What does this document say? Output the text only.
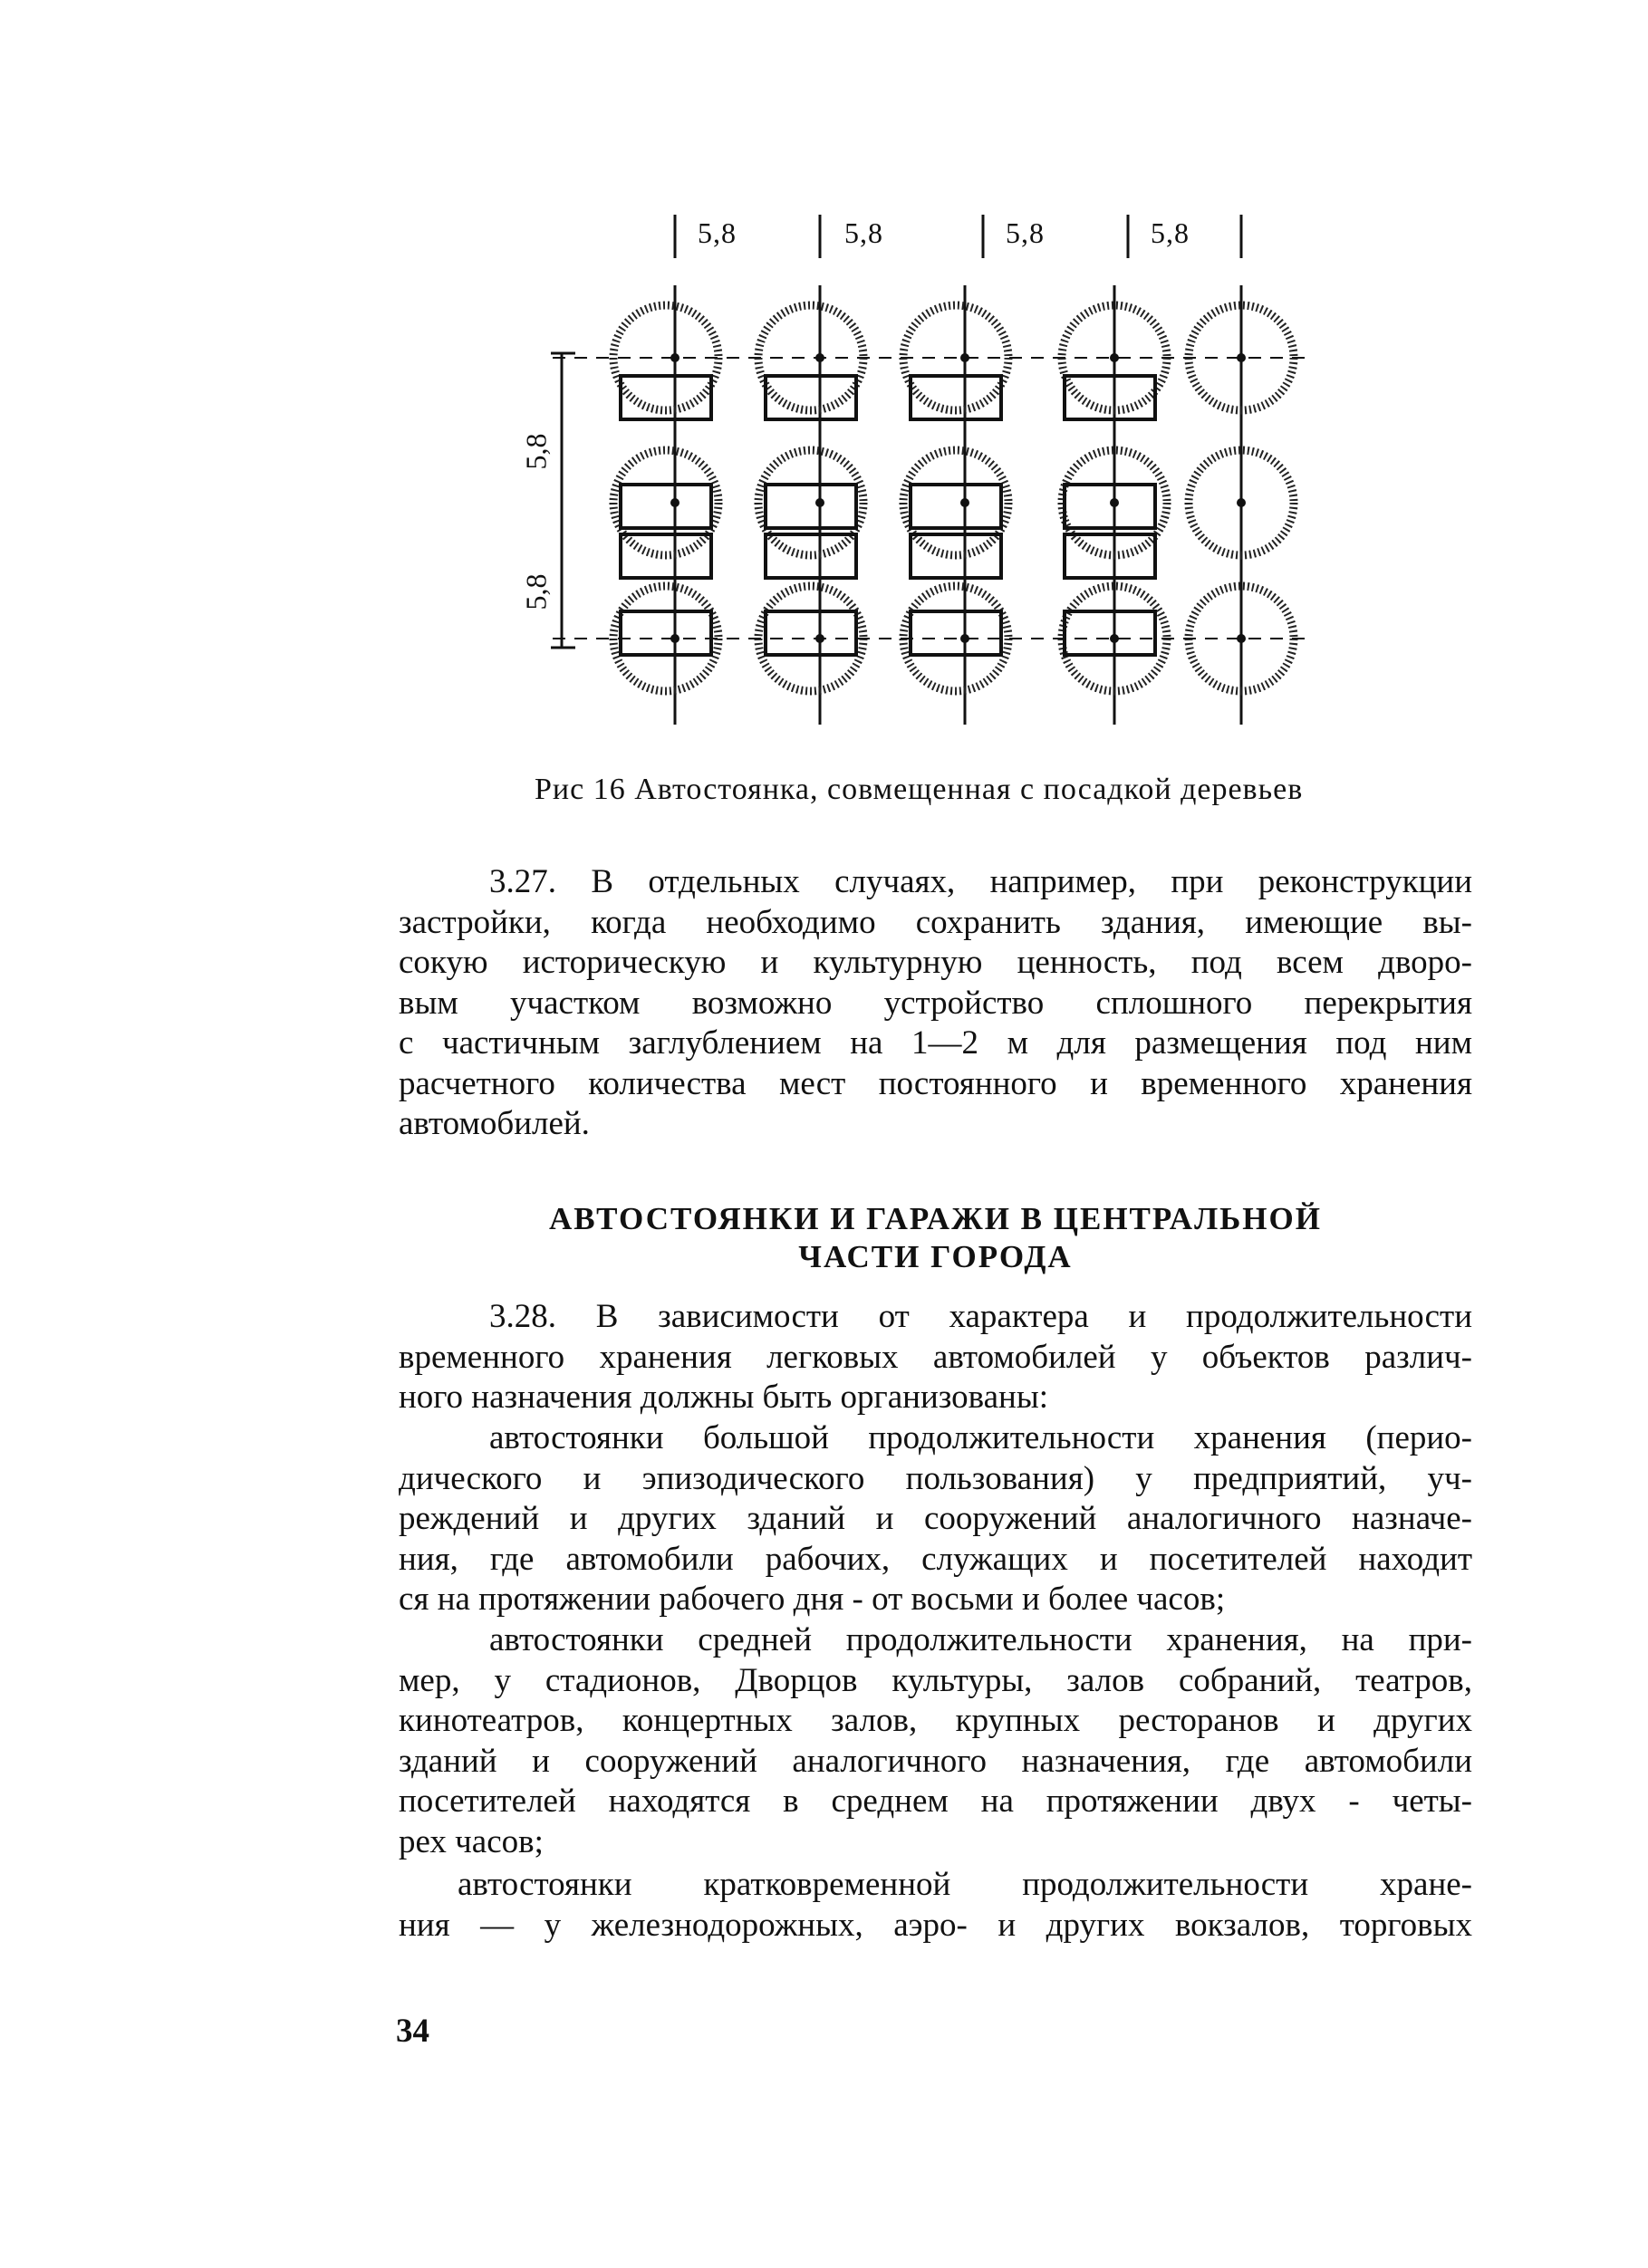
5,8	5,8	5,8	5,8
5,8
5,8
Рис 16 Автостоянка, совмещенная с посадкой деревьев
3.27. В отдельных случаях, например, при реконструкции
застройки, когда необходимо сохранить здания, имеющие вы-
сокую историческую и культурную ценность, под всем дворо-
вым участком возможно устройство сплошного перекрытия
с частичным заглублением на 1—2 м для размещения под ним
расчетного количества мест постоянного и временного хранения
автомобилей.
АВТОСТОЯНКИ И ГАРАЖИ В ЦЕНТРАЛЬНОЙ
ЧАСТИ ГОРОДА
3.28. В зависимости от характера и продолжительности
временного хранения легковых автомобилей у объектов различ-
ного назначения должны быть организованы:
автостоянки большой продолжительности хранения (перио-
дического и эпизодического пользования) у предприятий, уч-
реждений и других зданий и сооружений аналогичного назначе-
ния, где автомобили рабочих, служащих и посетителей находит
ся на протяжении рабочего дня - от восьми и более часов;
автостоянки средней продолжительности хранения, на при-
мер, у стадионов, Дворцов культуры, залов собраний, театров,
кинотеатров, концертных залов, крупных ресторанов и других
зданий и сооружений аналогичного назначения, где автомобили
посетителей находятся в среднем на протяжении двух - четы-
рех часов;
автостоянки кратковременной продолжительности хране-
ния — у железнодорожных, аэро- и других вокзалов, торговых
34
